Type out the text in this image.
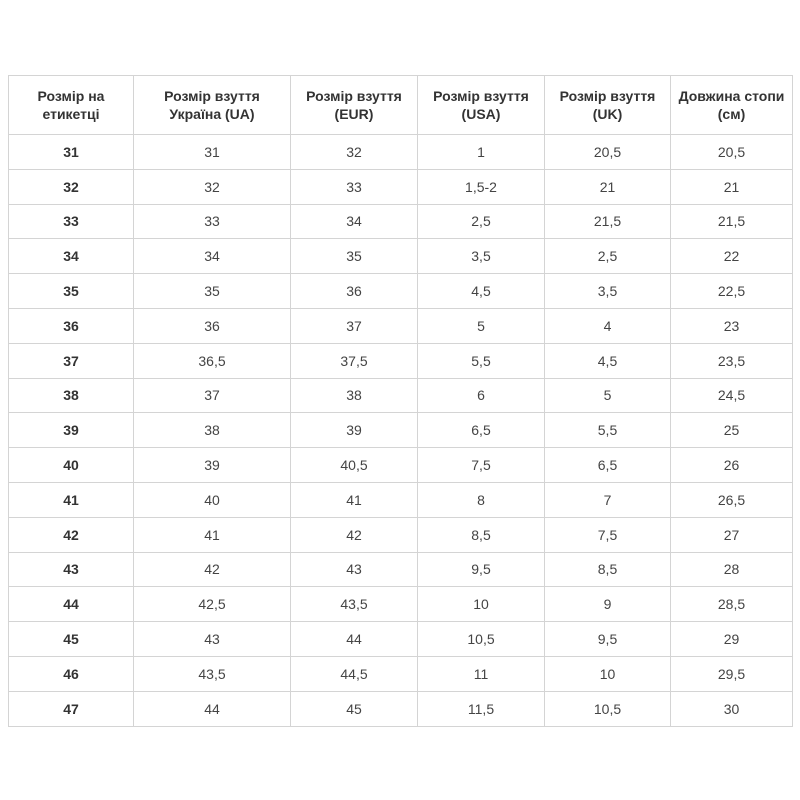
Розмір на етикетці	Розмір взуття Україна (UA)	Розмір взуття (EUR)	Розмір взуття (USA)	Розмір взуття (UK)	Довжина стопи (см)
31	31	32	1	20,5	20,5
32	32	33	1,5-2	21	21
33	33	34	2,5	21,5	21,5
34	34	35	3,5	2,5	22
35	35	36	4,5	3,5	22,5
36	36	37	5	4	23
37	36,5	37,5	5,5	4,5	23,5
38	37	38	6	5	24,5
39	38	39	6,5	5,5	25
40	39	40,5	7,5	6,5	26
41	40	41	8	7	26,5
42	41	42	8,5	7,5	27
43	42	43	9,5	8,5	28
44	42,5	43,5	10	9	28,5
45	43	44	10,5	9,5	29
46	43,5	44,5	11	10	29,5
47	44	45	11,5	10,5	30
